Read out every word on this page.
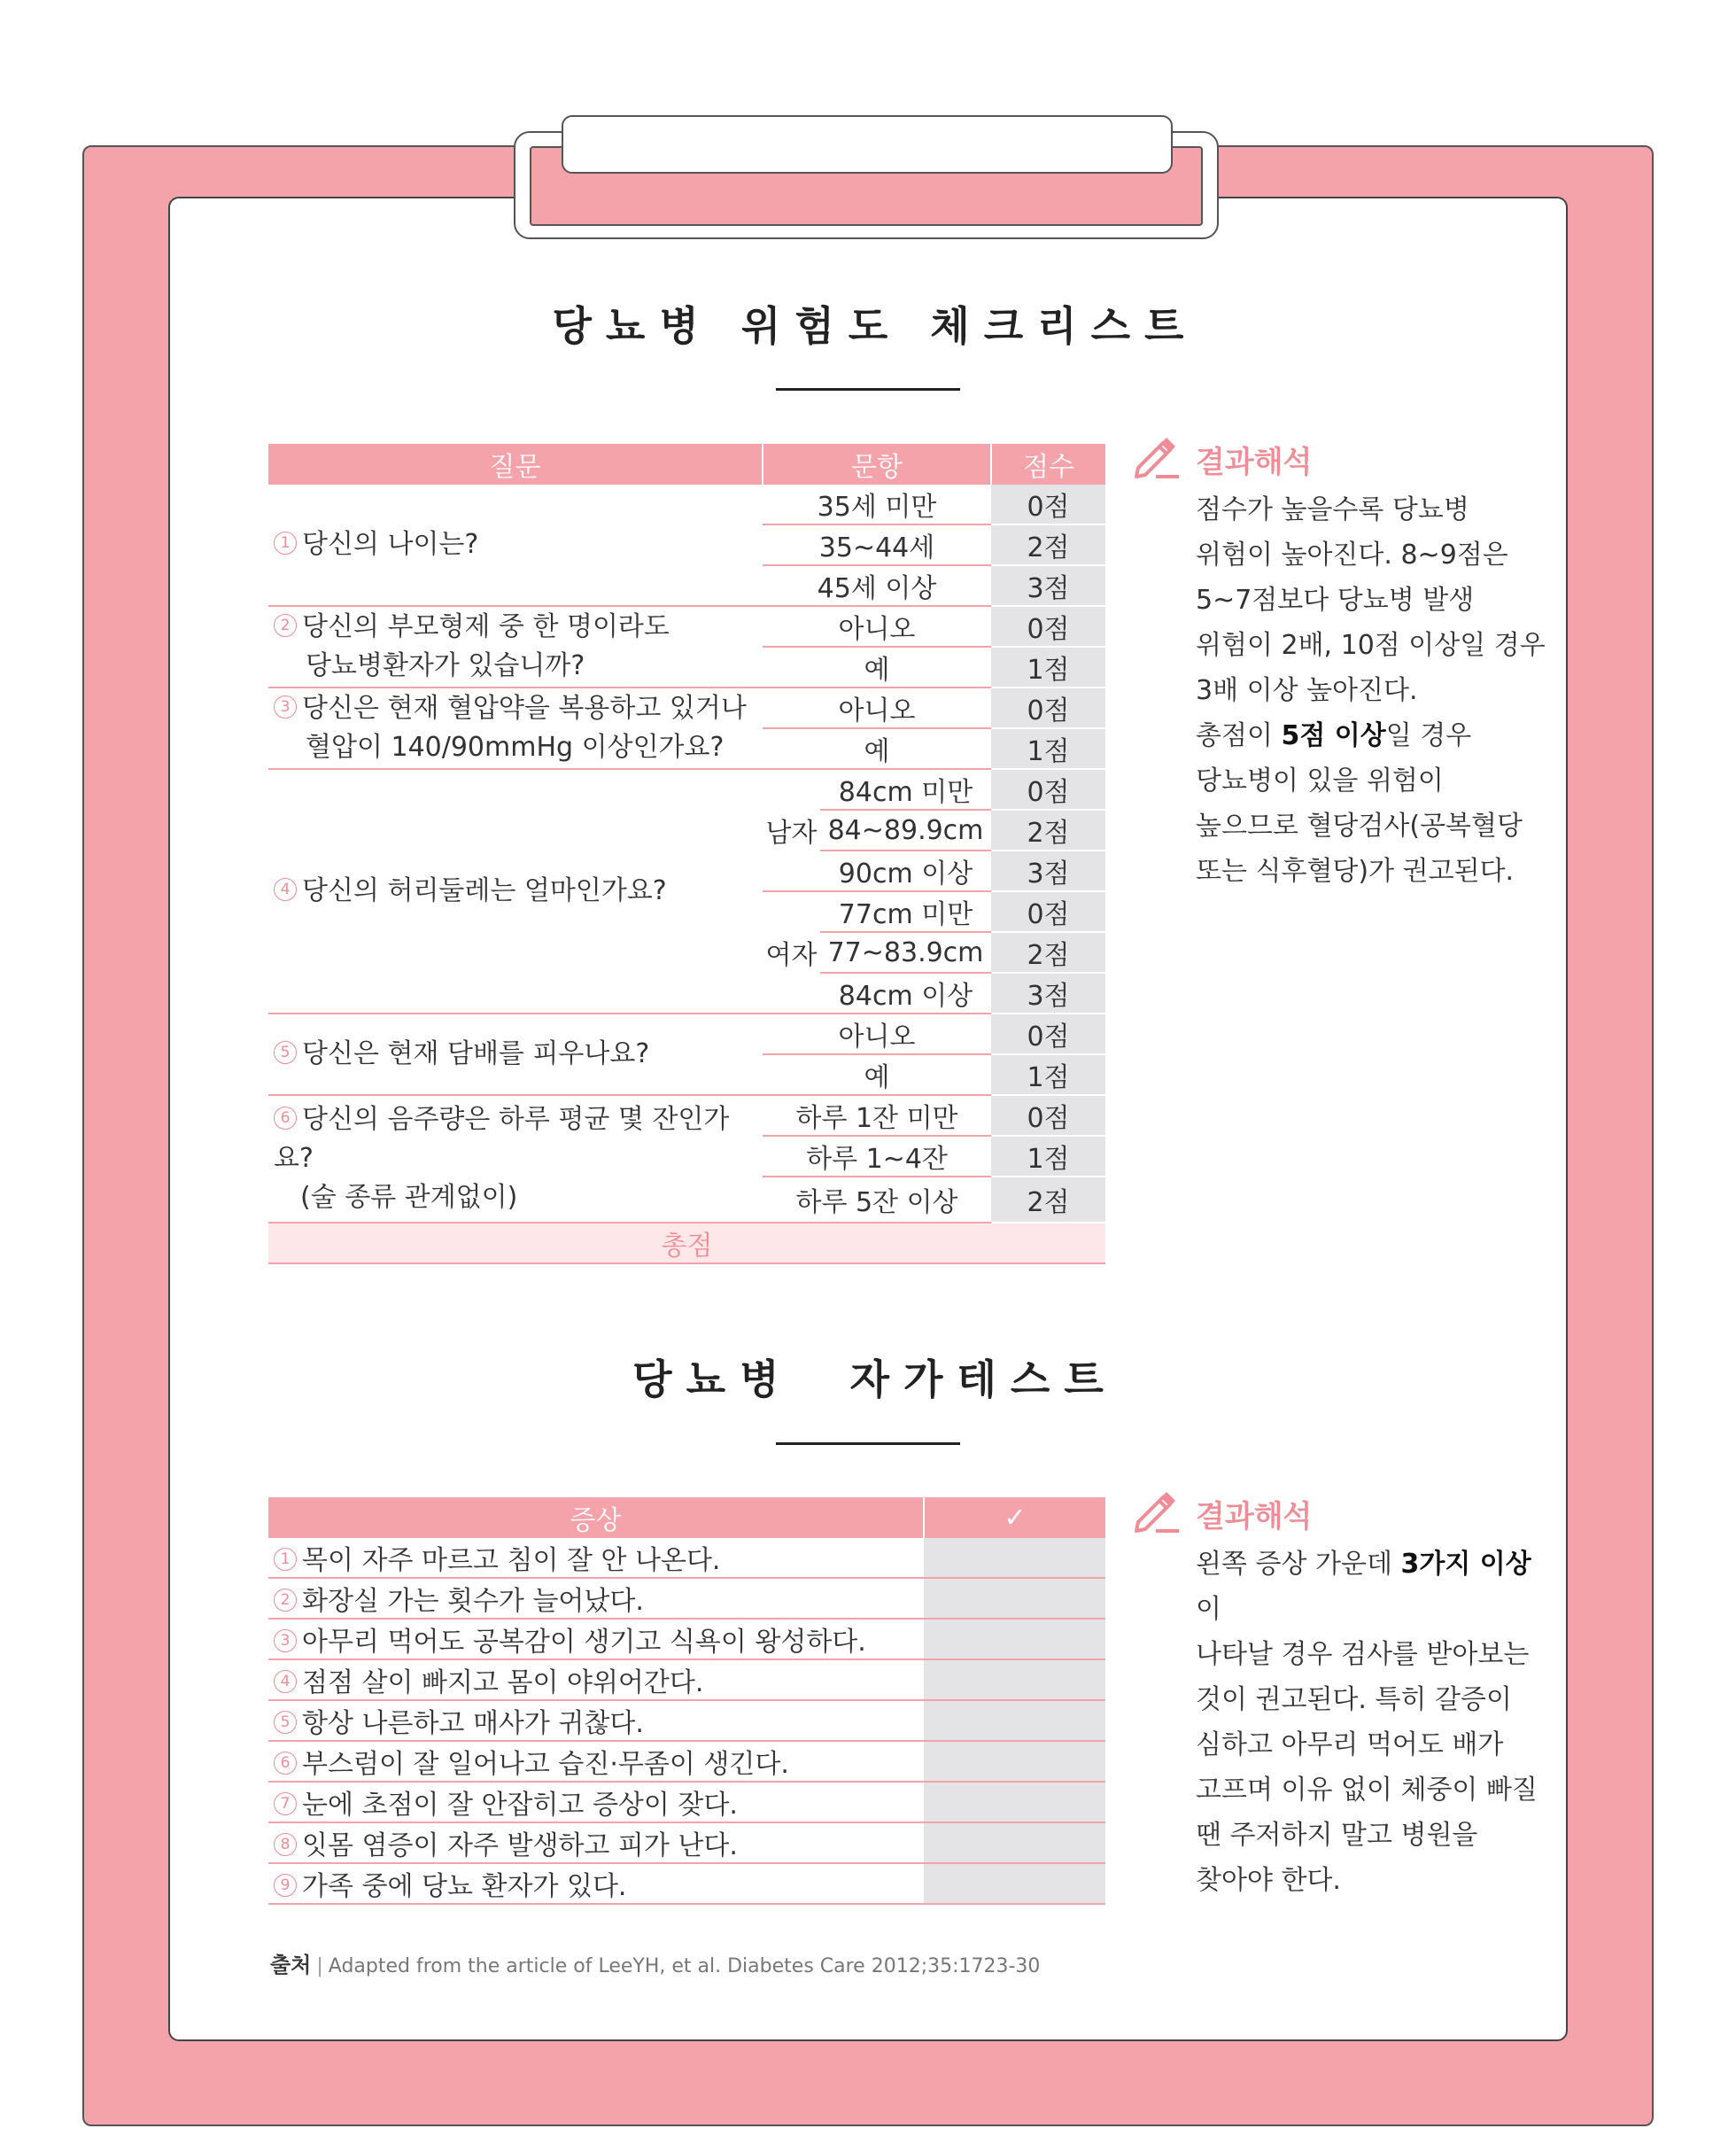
당 뇨 병   위 험 도   체 크 리 스 트
질문	문항		점수
1 당신의 나이는?	35세 미만		0점
	35~44세		2점
	45세 이상		3점
2 당신의 부모형제 중 한 명이라도
당뇨병환자가 있습니까?	아니오		0점
	예		1점
3 당신은 현재 혈압약을 복용하고 있거나
혈압이 140/90mmHg 이상인가요?	아니오		0점
	예		1점
4 당신의 허리둘레는 얼마인가요?	남자	84cm 미만	0점
		84~89.9cm	2점
		90cm 이상	3점
	여자	77cm 미만	0점
		77~83.9cm	2점
		84cm 이상	3점
5 당신은 현재 담배를 피우나요?	아니오		0점
	예		1점
6 당신의 음주량은 하루 평균 몇 잔인가요?
(술 종류 관계없이)	하루 1잔 미만		0점
	하루 1~4잔		1점
	하루 5잔 이상		2점
총점			
결과해석
점수가 높을수록 당뇨병
위험이 높아진다. 8~9점은
5~7점보다 당뇨병 발생
위험이 2배, 10점 이상일 경우
3배 이상 높아진다.
총점이 5점 이상일 경우
당뇨병이 있을 위험이
높으므로 혈당검사(공복혈당
또는 식후혈당)가 권고된다.
당 뇨 병     자 가 테 스 트
증상	✓
1 목이 자주 마르고 침이 잘 안 나온다.	
2 화장실 가는 횟수가 늘어났다.	
3 아무리 먹어도 공복감이 생기고 식욕이 왕성하다.	
4 점점 살이 빠지고 몸이 야위어간다.	
5 항상 나른하고 매사가 귀찮다.	
6 부스럼이 잘 일어나고 습진·무좀이 생긴다.	
7 눈에 초점이 잘 안잡히고 증상이 잦다.	
8 잇몸 염증이 자주 발생하고 피가 난다.	
9 가족 중에 당뇨 환자가 있다.	
결과해석
왼쪽 증상 가운데 3가지 이상이
나타날 경우 검사를 받아보는
것이 권고된다. 특히 갈증이
심하고 아무리 먹어도 배가
고프며 이유 없이 체중이 빠질
땐 주저하지 말고 병원을
찾아야 한다.
출처 | Adapted from the article of LeeYH, et al. Diabetes Care 2012;35:1723-30
